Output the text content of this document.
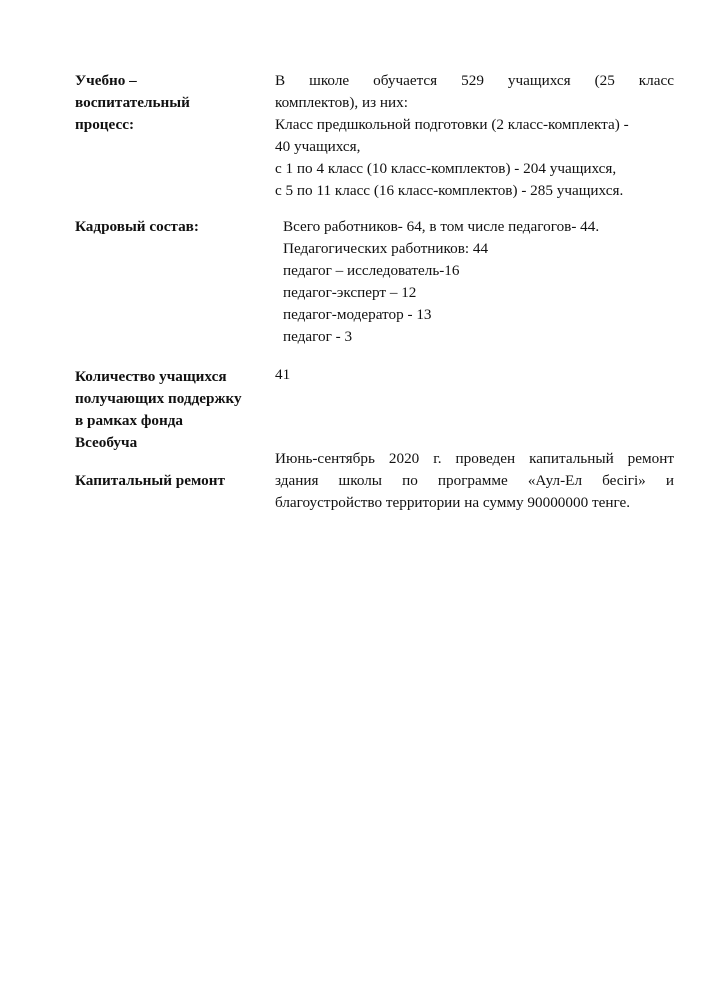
Учебно –
воспитательный
процесс:
В школе обучается 529 учащихся (25 класс
комплектов), из них:
Класс предшкольной подготовки (2 класс-комплекта) -
40 учащихся,
с 1 по 4 класс (10 класс-комплектов) - 204 учащихся,
с 5 по 11 класс (16 класс-комплектов) - 285 учащихся.
Кадровый состав:	Всего работников- 64, в том числе педагогов- 44.
Педагогических работников: 44
педагог – исследователь-16
педагог-эксперт – 12
педагог-модератор - 13
педагог - 3
Количество учащихся
получающих поддержку
в рамках фонда
Всеобуча
41
Капитальный ремонт
Июнь-сентябрь 2020 г. проведен капитальный ремонт
здания школы по программе «Аул-Ел бесігі» и
благоустройство территории на сумму 90000000 тенге.
